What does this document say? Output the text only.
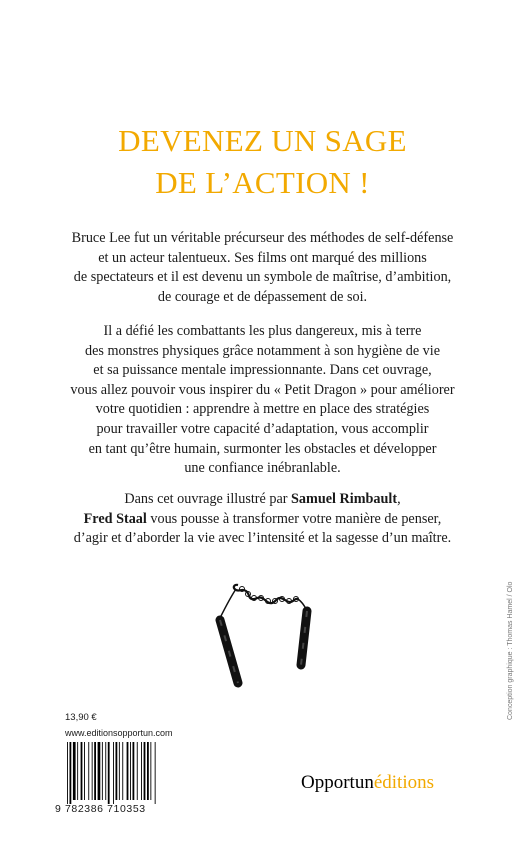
DEVENEZ UN SAGE
DE L’ACTION !
Bruce Lee fut un véritable précurseur des méthodes de self-défense
et un acteur talentueux. Ses films ont marqué des millions
de spectateurs et il est devenu un symbole de maîtrise, d’ambition,
de courage et de dépassement de soi.
Il a défié les combattants les plus dangereux, mis à terre
des monstres physiques grâce notamment à son hygiène de vie
et sa puissance mentale impressionnante. Dans cet ouvrage,
vous allez pouvoir vous inspirer du « Petit Dragon » pour améliorer
votre quotidien : apprendre à mettre en place des stratégies
pour travailler votre capacité d’adaptation, vous accomplir
en tant qu’être humain, surmonter les obstacles et développer
une confiance inébranlable.
Dans cet ouvrage illustré par Samuel Rimbault,
Fred Staal vous pousse à transformer votre manière de penser,
d’agir et d’aborder la vie avec l’intensité et la sagesse d’un maître.
Conception graphique : Thomas Hamel / Olo
13,90 €
www.editionsopportun.com
9 782386 710353
Opportunéditions
